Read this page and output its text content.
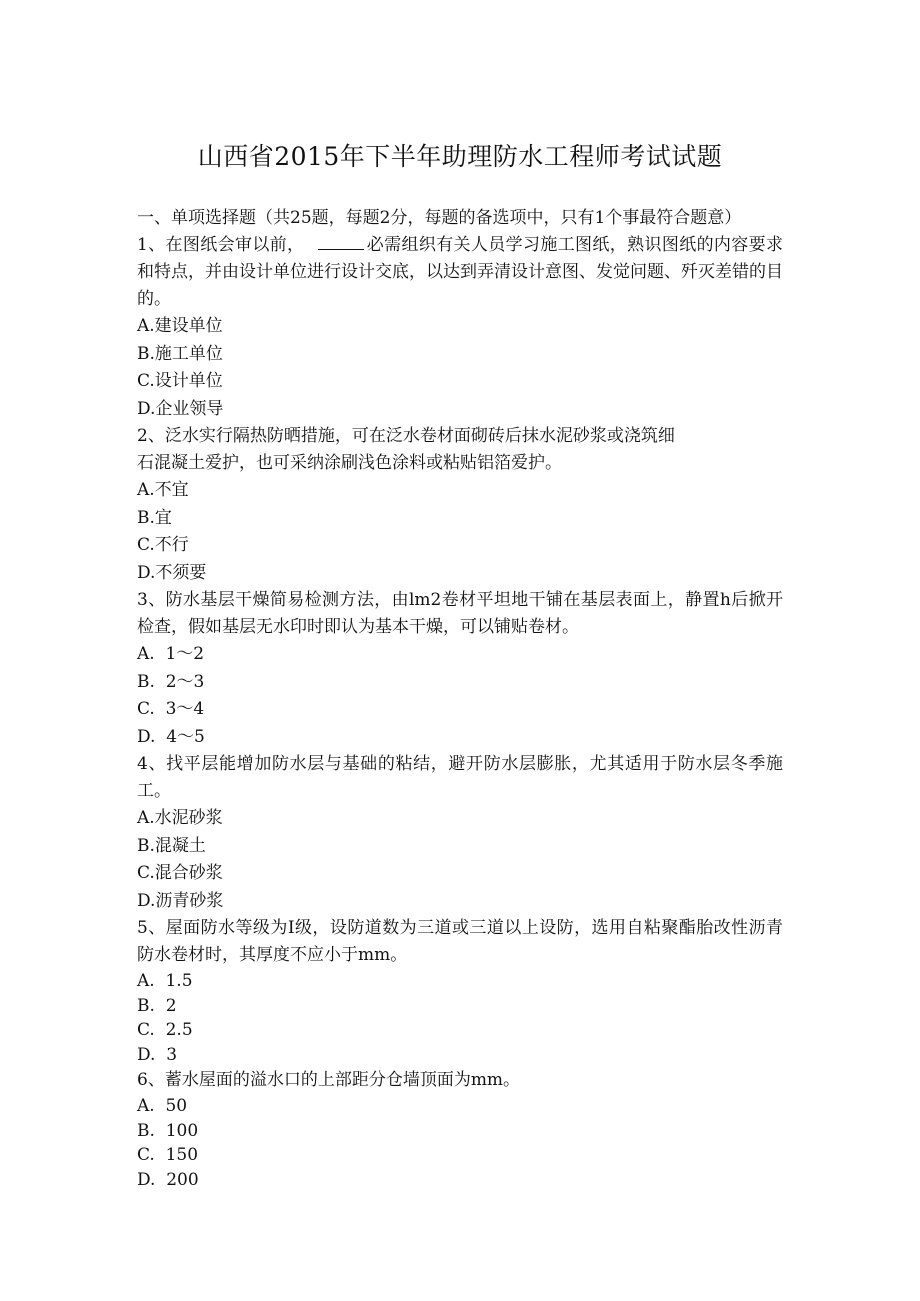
山西省2015年下半年助理防水工程师考试试题

一、单项选择题（共25题，每题2分，每题的备选项中，只有1个事最符合题意）

1、在图纸会审以前，	必需组织有关人员学习施工图纸，熟识图纸的内容要求和特点，并由设计单位进行设计交底，以达到弄清设计意图、发觉问题、歼灭差错的目的。

A.建设单位
B.施工单位
C.设计单位
D.企业领导

2、泛水实行隔热防晒措施，可在泛水卷材面砌砖后抹水泥砂浆或浇筑细
石混凝土爱护，也可采纳涂刷浅色涂料或粘贴铝箔爱护。

A.不宜
B.宜
C.不行
D.不须要

3、防水基层干燥简易检测方法，由lm2卷材平坦地干铺在基层表面上，静置h后掀开检查，假如基层无水印时即认为基本干燥，可以铺贴卷材。

A.  1～2
B.  2～3
C.  3～4
D.  4～5

4、找平层能增加防水层与基础的粘结，避开防水层膨胀，尤其适用于防水层冬季施工。

A.水泥砂浆
B.混凝土
C.混合砂浆
D.沥青砂浆

5、屋面防水等级为I级，设防道数为三道或三道以上设防，选用自粘聚酯胎改性沥青防水卷材时，其厚度不应小于mm。

A.  1.5
B.  2
C.  2.5
D.  3

6、蓄水屋面的溢水口的上部距分仓墙顶面为mm。

A.  50
B.  100
C.  150
D.  200
